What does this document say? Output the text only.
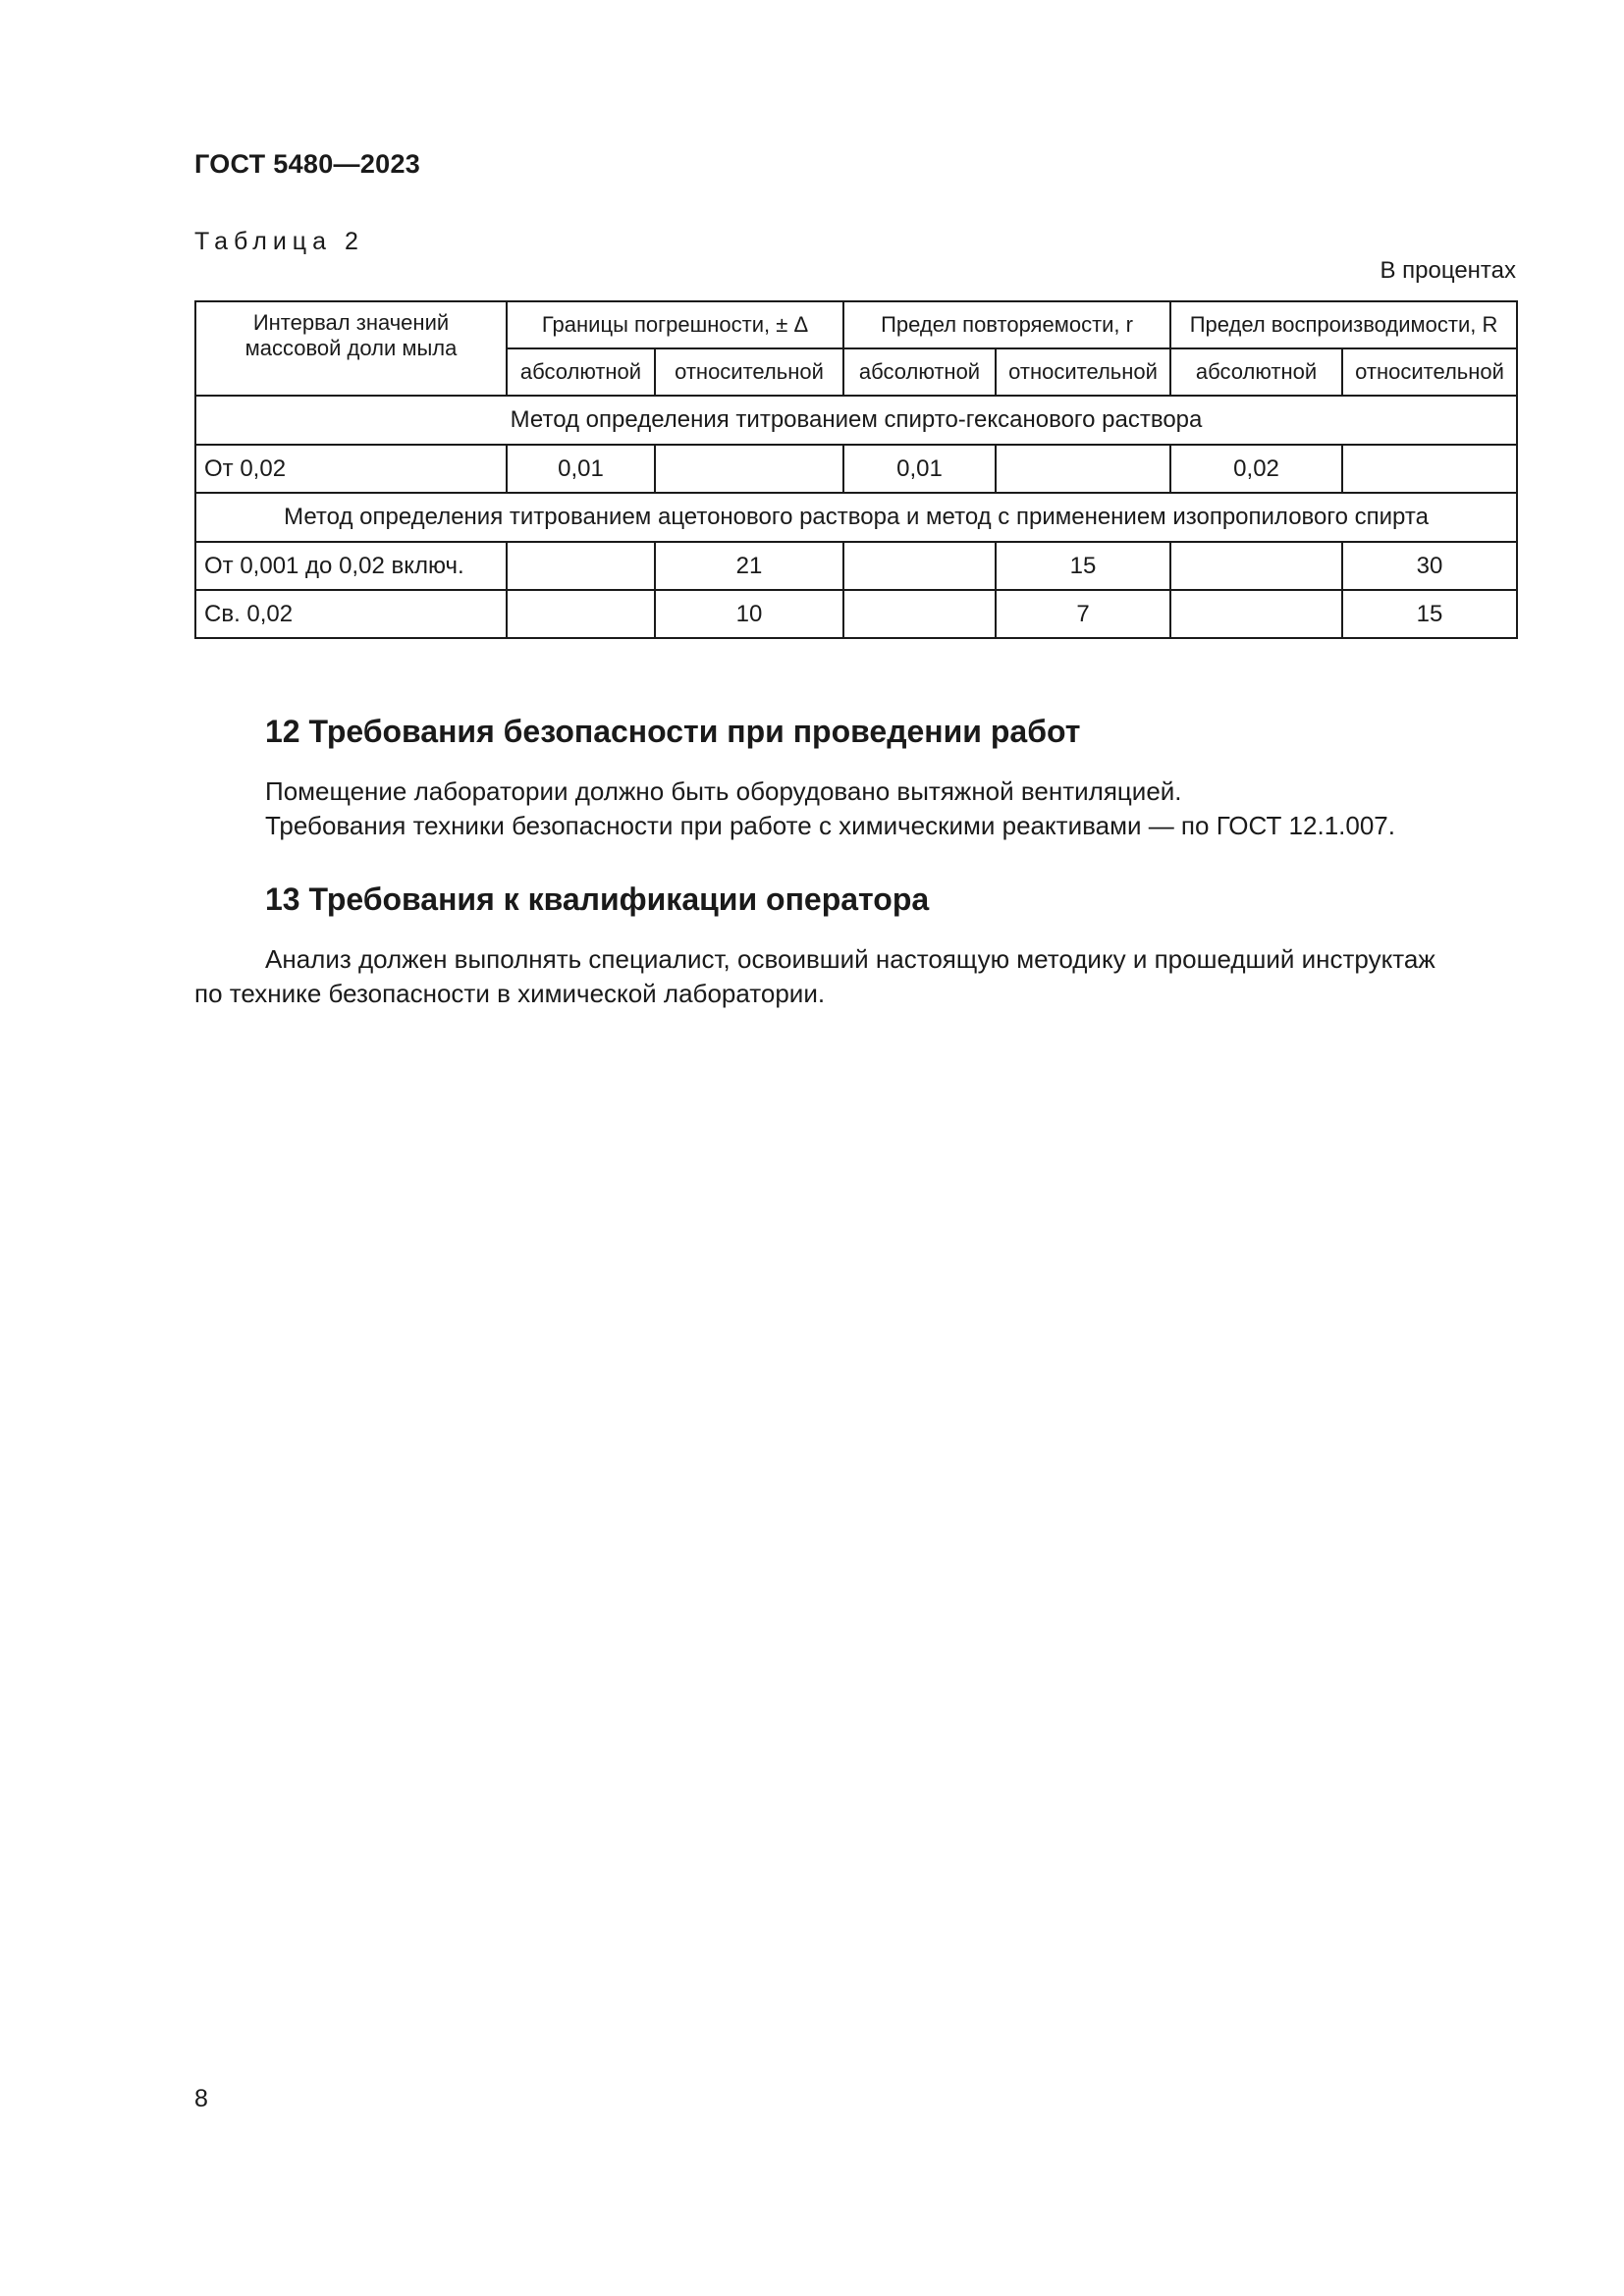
ГОСТ 5480—2023
Таблица 2
В процентах
Интервал значений массовой доли мыла	Границы погрешности, ± Δ		Предел повторяемости, r		Предел воспроизводимости, R	
	абсолютной	относительной	абсолютной	относительной	абсолютной	относительной
Метод определения титрованием спирто-гексанового раствора						
От 0,02	0,01		0,01		0,02	
Метод определения титрованием ацетонового раствора и метод с применением изопропилового спирта						
От 0,001 до 0,02 включ.		21		15		30
Св. 0,02		10		7		15
12 Требования безопасности при проведении работ
Помещение лаборатории должно быть оборудовано вытяжной вентиляцией.
Требования техники безопасности при работе с химическими реактивами — по ГОСТ 12.1.007.
13 Требования к квалификации оператора
Анализ должен выполнять специалист, освоивший настоящую методику и прошедший инструктаж
по технике безопасности в химической лаборатории.
8
